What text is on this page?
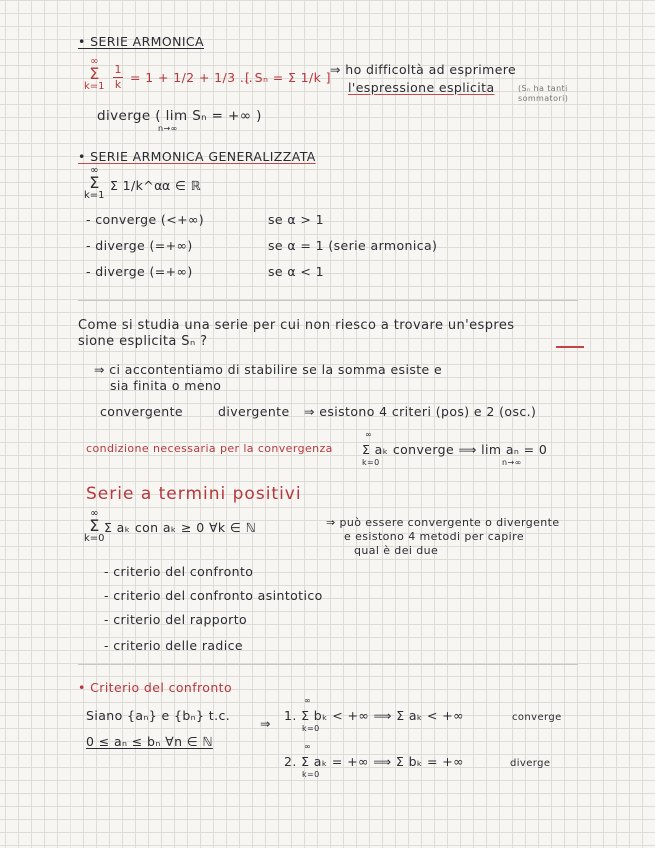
• SERIE ARMONICA
∞
Σ
k=1
1
k = 1 + 1/2 + 1/3 ...
[ Sₙ = Σ 1/k ]
⇒ ho difficoltà ad esprimere
l'espressione esplicita	(Sₙ ha tanti sommatori)
diverge ( lim Sₙ = +∞ )
n→∞
• SERIE ARMONICA GENERALIZZATA
∞
Σ
k=1
Σ 1/k^α α ∈ ℝ
- converge (<+∞)	se α > 1
- diverge (=+∞)	se α = 1 (serie armonica)
- diverge (=+∞)	se α < 1
Come si studia una serie per cui non riesco a trovare un'espres
sione esplicita Sₙ ?
⇒ ci accontentiamo di stabilire se la somma esiste e
sia finita o meno
convergente	divergente ⇒ esistono 4 criteri (pos) e 2 (osc.)
condizione necessaria per la convergenza
∞
Σ aₖ converge ⟹ lim aₙ = 0
k=0	n→∞
Serie a termini positivi
∞
Σ
k=0
Σ aₖ con aₖ ≥ 0 ∀k ∈ ℕ	⇒ può essere convergente o divergente
e esistono 4 metodi per capire
qual è dei due
- criterio del confronto
- criterio del confronto asintotico
- criterio del rapporto
- criterio delle radice
• Criterio del confronto
Siano {aₙ} e {bₙ} t.c.
0 ≤ aₙ ≤ bₙ ∀n ∈ ℕ
⇒
∞
1. Σ bₖ < +∞ ⟹ Σ aₖ < +∞
k=0
converge
∞
2. Σ aₖ = +∞ ⟹ Σ bₖ = +∞
k=0
diverge
